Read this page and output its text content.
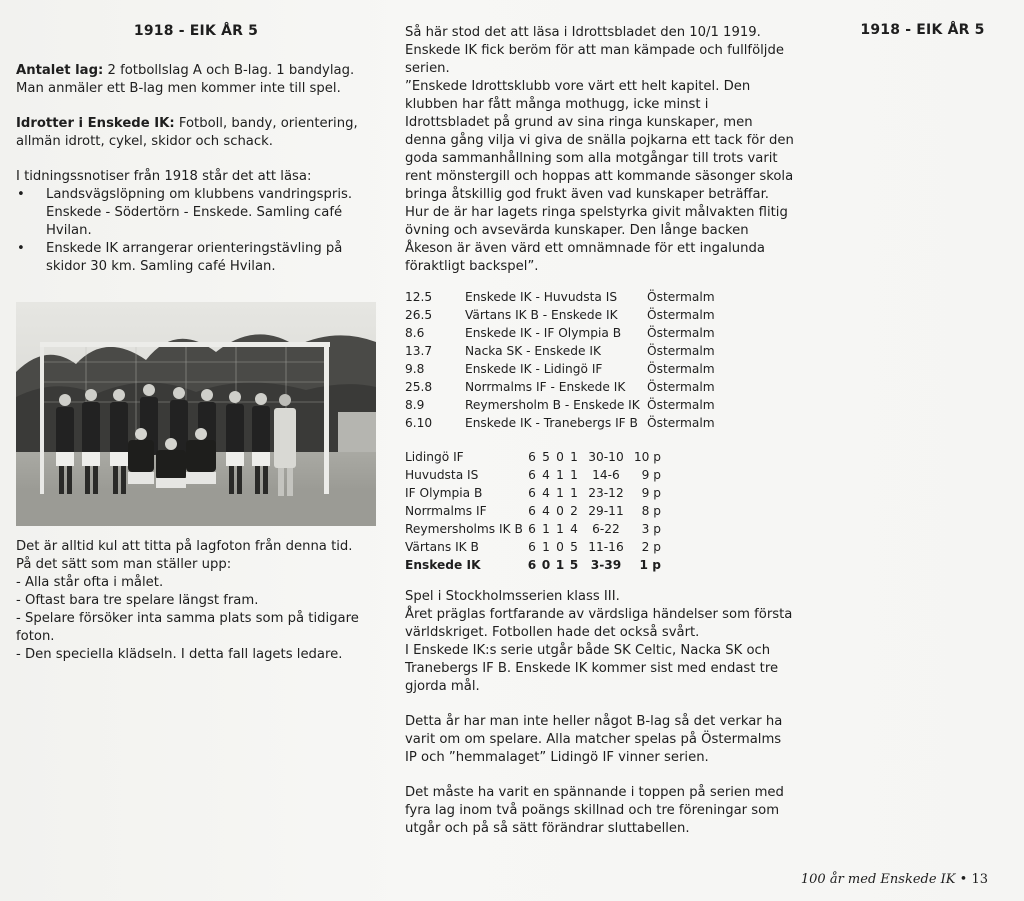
1918 - EIK ÅR 5

Antalet lag: 2 fotbollslag A och B-lag. 1 bandylag. Man anmäler ett B-lag men kommer inte till spel.

Idrotter i Enskede IK: Fotboll, bandy, orientering, allmän idrott, cykel, skidor och schack.

I tidningssnotiser från 1918 står det att läsa:

• Landsvägslöpning om klubbens vandringspris. Enskede - Södertörn - Enskede. Samling café Hvilan.
• Enskede IK arrangerar orienteringstävling på skidor 30 km. Samling café Hvilan.

Det är alltid kul att titta på lagfoton från denna tid.

På det sätt som man ställer upp:

- Alla står ofta i målet.

- Oftast bara tre spelare längst fram.

- Spelare försöker inta samma plats som på tidigare foton.

- Den speciella klädseln. I detta fall lagets ledare.

Så här stod det att läsa i Idrottsbladet den 10/1 1919.

Enskede IK fick beröm för att man kämpade och fullföljde serien.

”Enskede Idrottsklubb vore värt ett helt kapitel. Den klubben har fått många mothugg, icke minst i Idrottsbladet på grund av sina ringa kunskaper, men denna gång vilja vi giva de snälla pojkarna ett tack för den goda sammanhållning som alla motgångar till trots varit rent mönstergill och hoppas att kommande säsonger skola bringa åtskillig god frukt även vad kunskaper beträffar. Hur de är har lagets ringa spelstyrka givit målvakten flitig övning och avsevärda kunskaper. Den långe backen Åkeson är även värd ett omnämnade för ett ingalunda föraktligt backspel”.

12.5	Enskede IK - Huvudsta IS	Östermalm
26.5	Värtans IK B - Enskede IK	Östermalm
8.6	Enskede IK - IF Olympia B	Östermalm
13.7	Nacka SK - Enskede IK	Östermalm
9.8	Enskede IK - Lidingö IF	Östermalm
25.8	Norrmalms IF - Enskede IK	Östermalm
8.9	Reymersholm B - Enskede IK	Östermalm
6.10	Enskede IK - Tranebergs IF B	Östermalm
Lidingö IF	6	5	0	1	30-10	10 p
Huvudsta IS	6	4	1	1	14-6	9 p
IF Olympia B	6	4	1	1	23-12	9 p
Norrmalms IF	6	4	0	2	29-11	8 p
Reymersholms IK B	6	1	1	4	6-22	3 p
Värtans IK B	6	1	0	5	11-16	2 p
Enskede IK	6	0	1	5	3-39	1 p

Spel i Stockholmsserien klass III.

Året präglas fortfarande av värdsliga händelser som första världskriget. Fotbollen hade det också svårt.

I Enskede IK:s serie utgår både SK Celtic, Nacka SK och Tranebergs IF B. Enskede IK kommer sist med endast tre gjorda mål.

Detta år har man inte heller något B-lag så det verkar ha varit om om spelare. Alla matcher spelas på Östermalms IP och ”hemmalaget” Lidingö IF vinner serien.

Det måste ha varit en spännande i toppen på serien med fyra lag inom två poängs skillnad och tre föreningar som utgår och på så sätt förändrar sluttabellen.

1918 - EIK ÅR 5
100 år med Enskede IK • 13
